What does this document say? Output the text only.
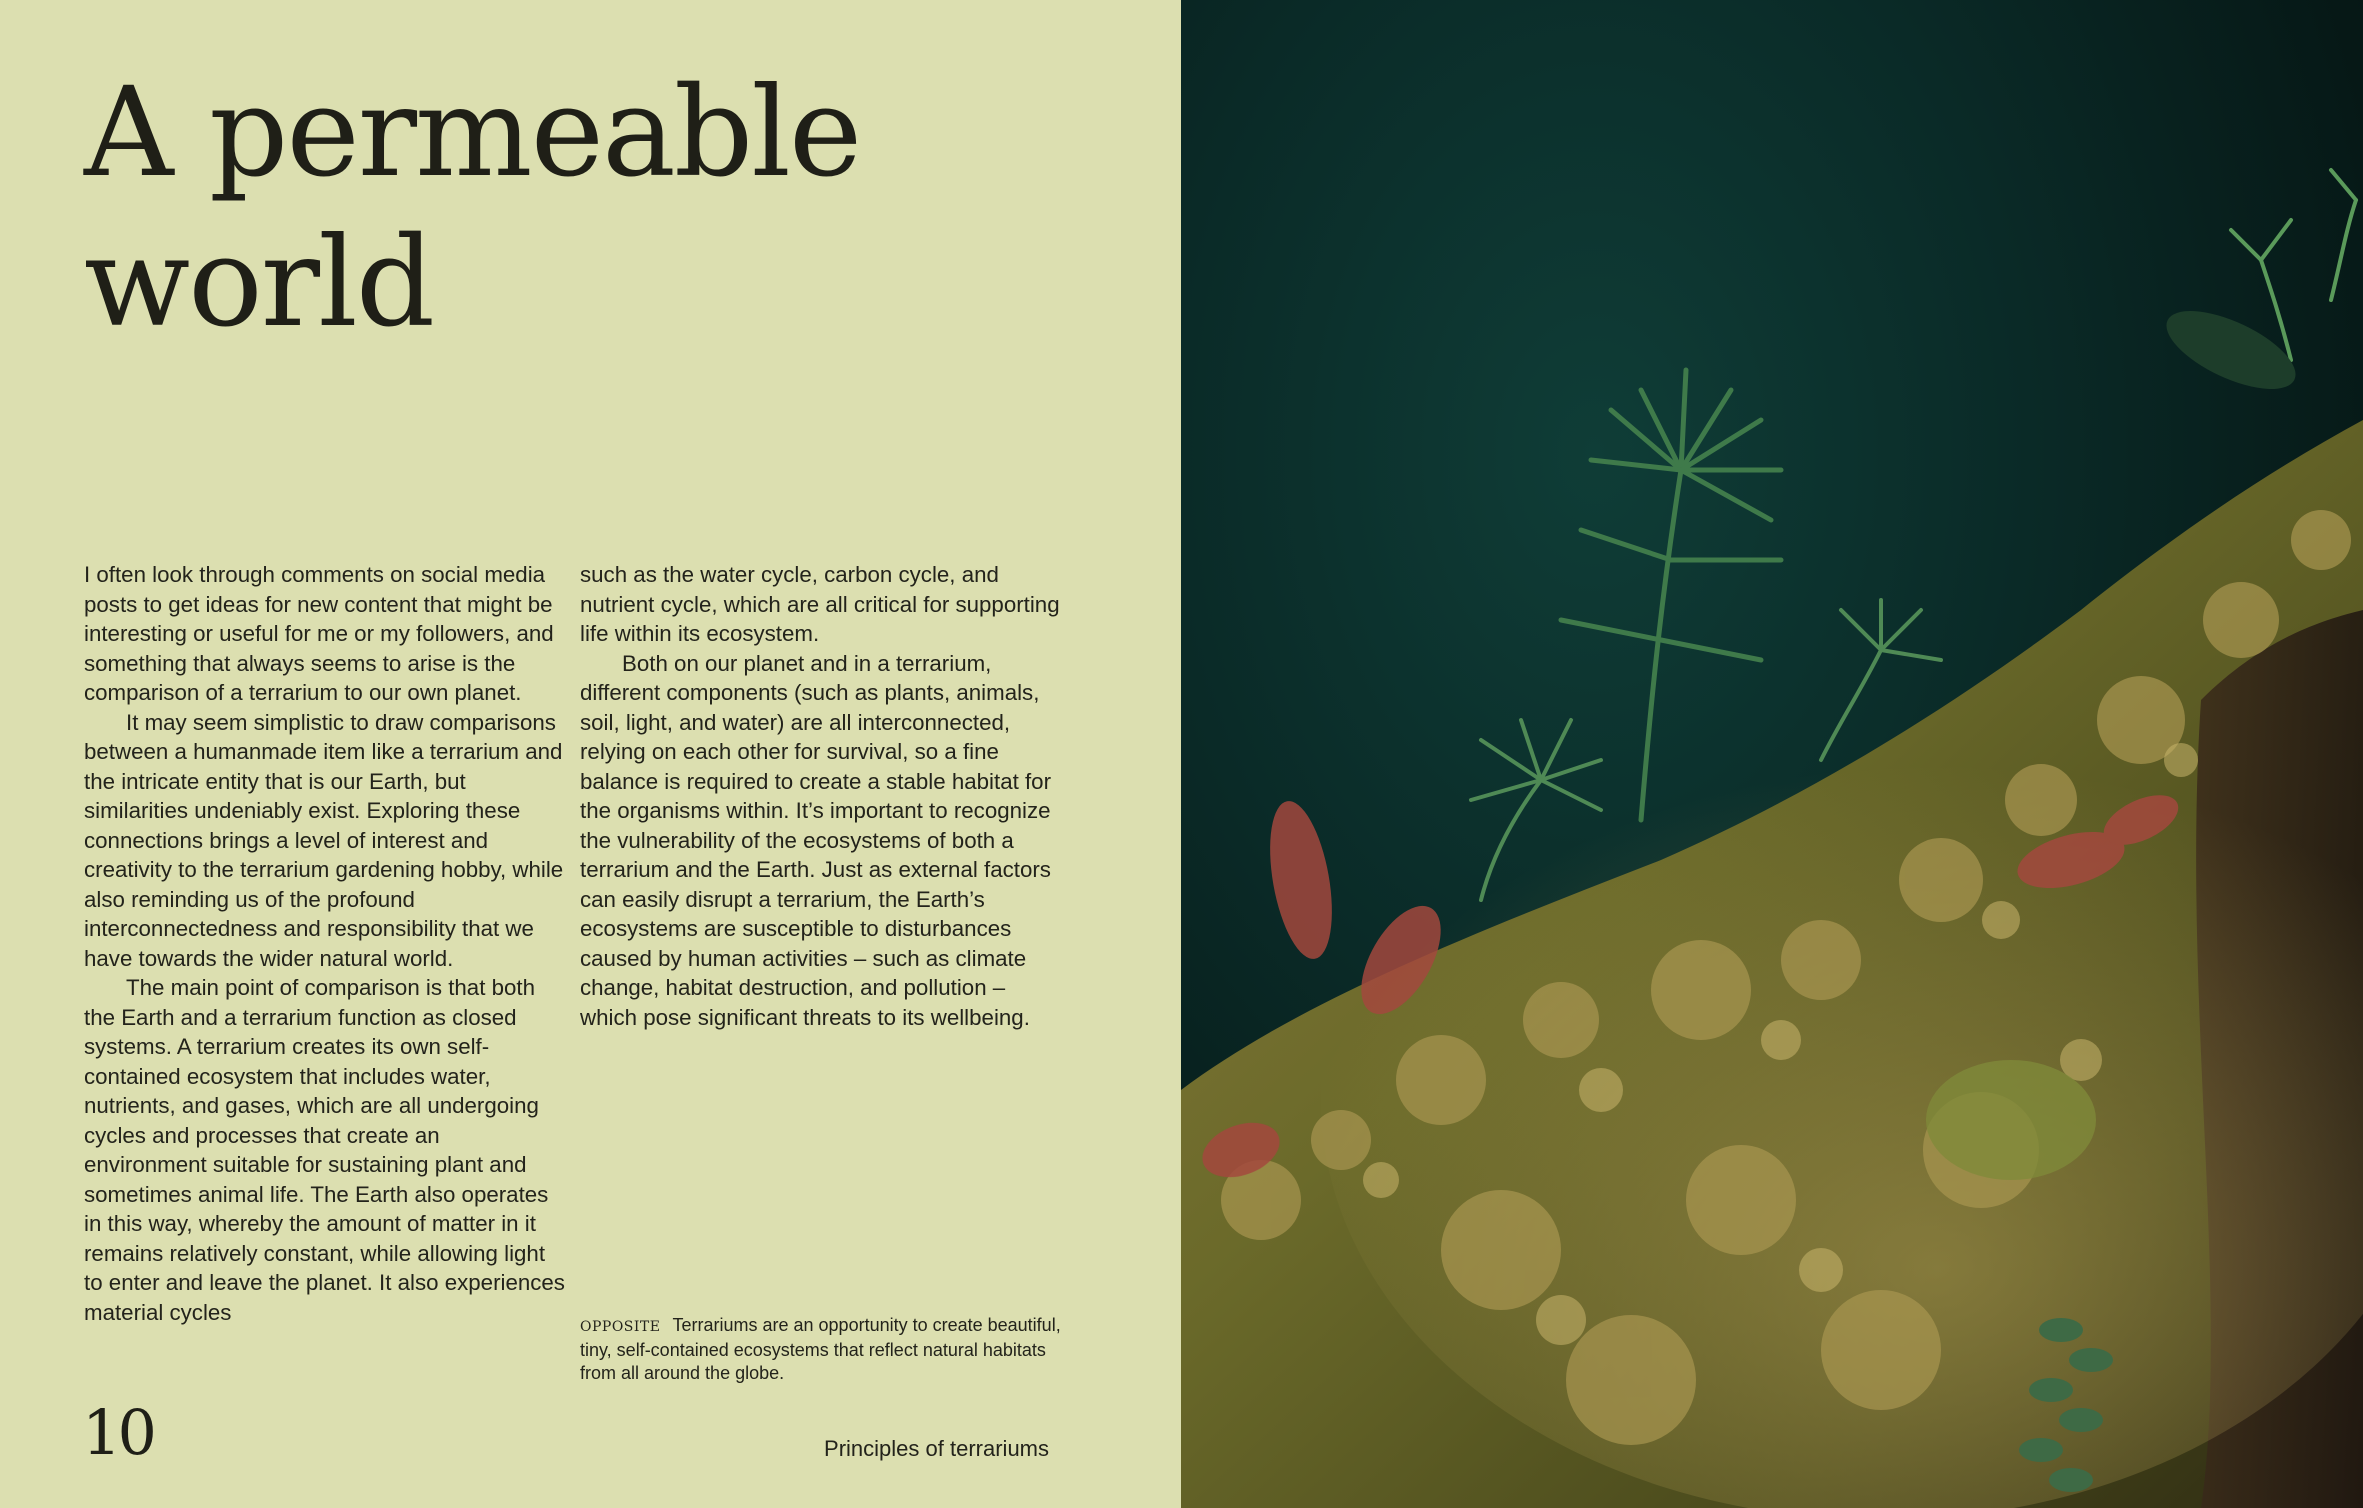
A permeable
world

I often look through comments on social media posts to get ideas for new content that might be interesting or useful for me or my followers, and something that always seems to arise is the comparison of a terrarium to our own planet.

It may seem simplistic to draw comparisons between a humanmade item like a terrarium and the intricate entity that is our Earth, but similarities undeniably exist. Exploring these connections brings a level of interest and creativity to the terrarium gardening hobby, while also reminding us of the profound interconnectedness and responsibility that we have towards the wider natural world.

The main point of comparison is that both the Earth and a terrarium function as closed systems. A terrarium creates its own self-contained ecosystem that includes water, nutrients, and gases, which are all undergoing cycles and processes that create an environment suitable for sustaining plant and sometimes animal life. The Earth also operates in this way, whereby the amount of matter in it remains relatively constant, while allowing light to enter and leave the planet. It also experiences material cycles

such as the water cycle, carbon cycle, and nutrient cycle, which are all critical for supporting life within its ecosystem.

Both on our planet and in a terrarium, different components (such as plants, animals, soil, light, and water) are all interconnected, relying on each other for survival, so a fine balance is required to create a stable habitat for the organisms within. It’s important to recognize the vulnerability of the ecosystems of both a terrarium and the Earth. Just as external factors can easily disrupt a terrarium, the Earth’s ecosystems are susceptible to disturbances caused by human activities – such as climate change, habitat destruction, and pollution – which pose significant threats to its wellbeing.

OPPOSITE Terrariums are an opportunity to create beautiful, tiny, self-contained ecosystems that reflect natural habitats from all around the globe.
10	Principles of terrariums
